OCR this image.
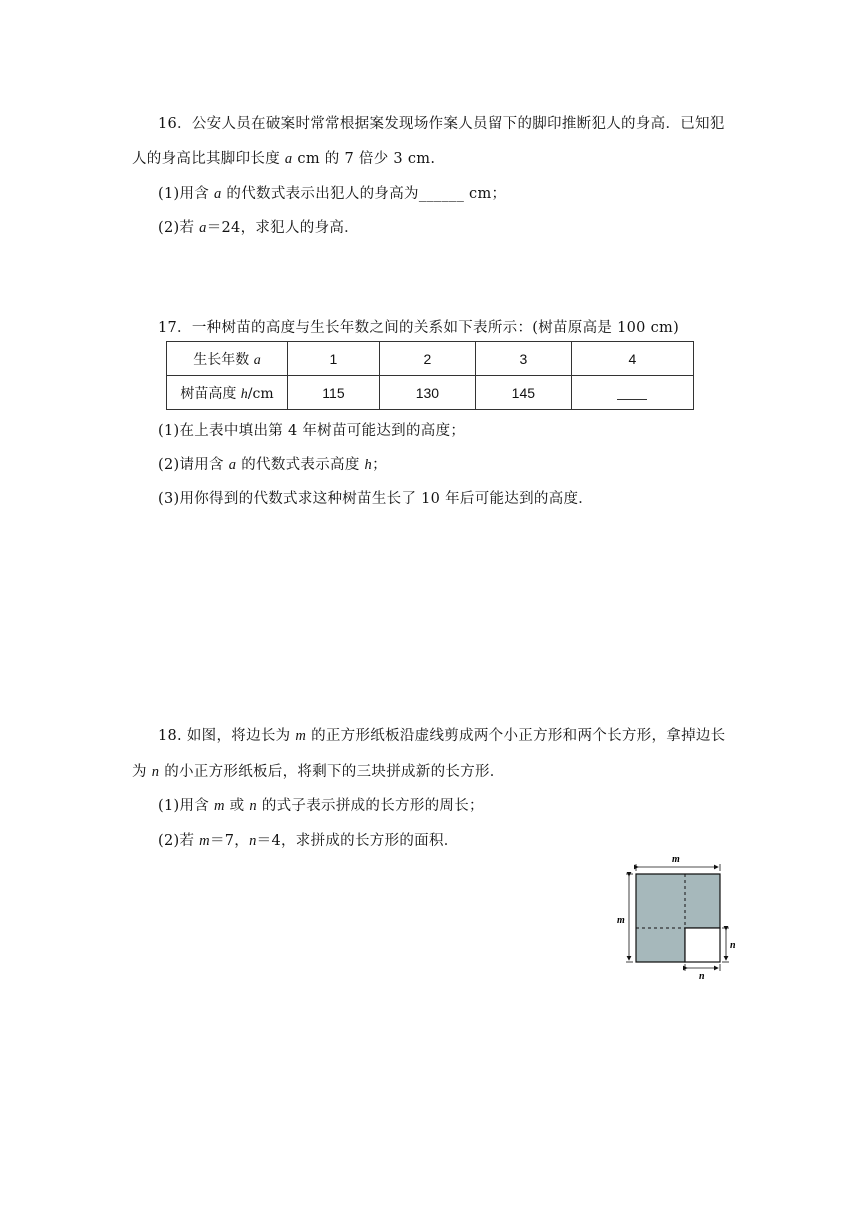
16．公安人员在破案时常常根据案发现场作案人员留下的脚印推断犯人的身高．已知犯
人的身高比其脚印长度 a cm 的 7 倍少 3 cm.
(1)用含 a 的代数式表示出犯人的身高为______ cm；
(2)若 a＝24，求犯人的身高．
17．一种树苗的高度与生长年数之间的关系如下表所示：(树苗原高是 100 cm)
生长年数 a	1	2	3	4
树苗高度 h/cm	115	130	145	
(1)在上表中填出第 4 年树苗可能达到的高度；
(2)请用含 a 的代数式表示高度 h；
(3)用你得到的代数式求这种树苗生长了 10 年后可能达到的高度．
18. 如图，将边长为 m 的正方形纸板沿虚线剪成两个小正方形和两个长方形，拿掉边长
为 n 的小正方形纸板后，将剩下的三块拼成新的长方形．
(1)用含 m 或 n 的式子表示拼成的长方形的周长；
(2)若 m＝7，n＝4，求拼成的长方形的面积．
m
m
n
n
